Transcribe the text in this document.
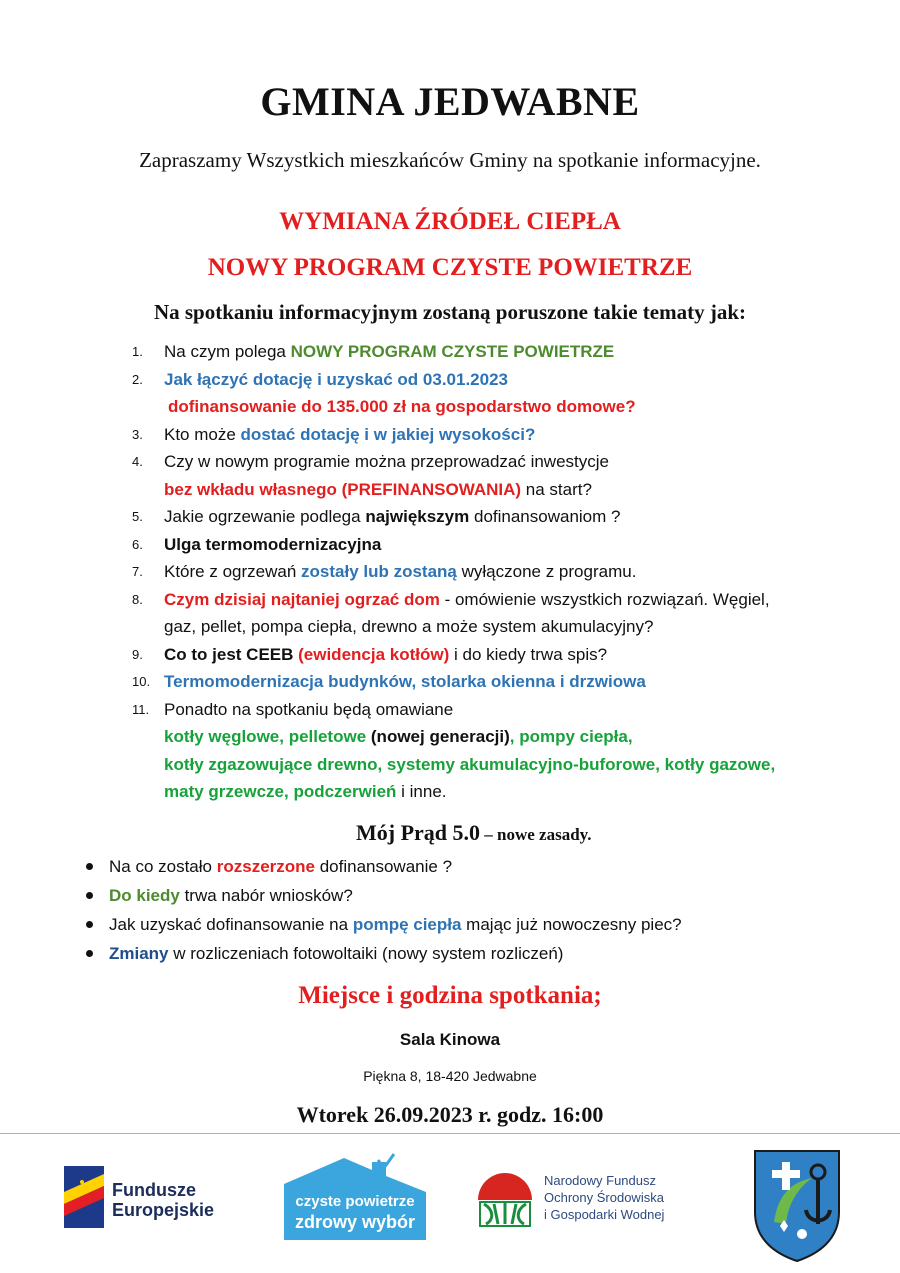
GMINA JEDWABNE
Zapraszamy Wszystkich mieszkańców Gminy na spotkanie informacyjne.
WYMIANA ŹRÓDEŁ CIEPŁA
NOWY PROGRAM CZYSTE POWIETRZE
Na spotkaniu informacyjnym zostaną poruszone takie tematy jak:
1.	Na czym polega NOWY PROGRAM CZYSTE POWIETRZE
2.	Jak łączyć dotację i uzyskać od 03.01.2023
dofinansowanie do 135.000 zł na gospodarstwo domowe?
3.	Kto może dostać dotację i w jakiej wysokości?
4.	Czy w nowym programie można przeprowadzać inwestycje
bez wkładu własnego (PREFINANSOWANIA) na start?
5.	Jakie ogrzewanie podlega największym dofinansowaniom ?
6.	Ulga termomodernizacyjna
7.	Które z ogrzewań zostały lub zostaną wyłączone z programu.
8.	Czym dzisiaj najtaniej ogrzać dom - omówienie wszystkich rozwiązań. Węgiel,
gaz, pellet, pompa ciepła, drewno a może system akumulacyjny?
9.	Co to jest CEEB (ewidencja kotłów) i do kiedy trwa spis?
10. Termomodernizacja budynków, stolarka okienna i drzwiowa
11. Ponadto na spotkaniu będą omawiane
kotły węglowe, pelletowe (nowej generacji), pompy ciepła,
kotły zgazowujące drewno, systemy akumulacyjno-buforowe, kotły gazowe,
maty grzewcze, podczerwień i inne.
Mój Prąd 5.0 – nowe zasady.
Na co zostało rozszerzone dofinansowanie ?
Do kiedy trwa nabór wniosków?
Jak uzyskać dofinansowanie na pompę ciepła mając już nowoczesny piec?
Zmiany w rozliczeniach fotowoltaiki (nowy system rozliczeń)
Miejsce i godzina spotkania;
Sala Kinowa
Piękna 8, 18-420 Jedwabne
Wtorek 26.09.2023 r. godz. 16:00
Fundusze
Europejskie	czyste powietrze
zdrowy wybór
Narodowy Fundusz
Ochrony Środowiska
i Gospodarki Wodnej
